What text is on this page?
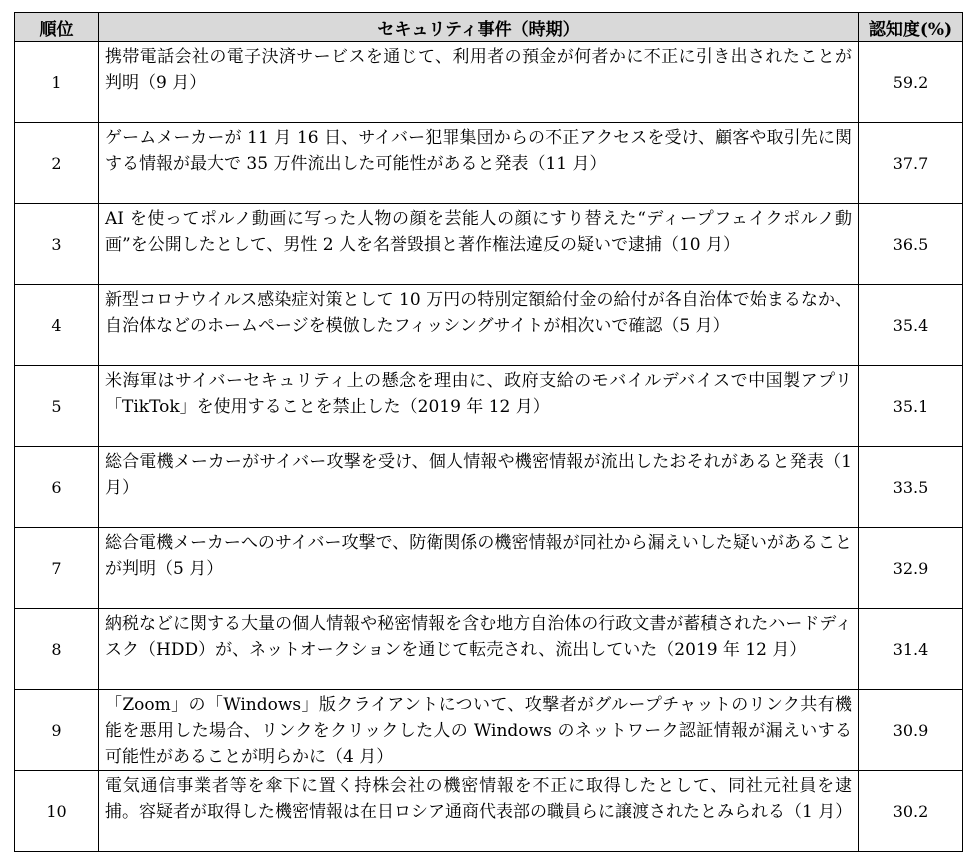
順位	セキュリティ事件（時期）	認知度(%)
1	携帯電話会社の電子決済サービスを通じて、利用者の預金が何者かに不正に引き出されたことが判明（9 月）	59.2
2	ゲームメーカーが 11 月 16 日、サイバー犯罪集団からの不正アクセスを受け、顧客や取引先に関する情報が最大で 35 万件流出した可能性があると発表（11 月）	37.7
3	AI を使ってポルノ動画に写った人物の顔を芸能人の顔にすり替えた“ディープフェイクポルノ動画”を公開したとして、男性 2 人を名誉毀損と著作権法違反の疑いで逮捕（10 月）	36.5
4	新型コロナウイルス感染症対策として 10 万円の特別定額給付金の給付が各自治体で始まるなか、自治体などのホームページを模倣したフィッシングサイトが相次いで確認（5 月）	35.4
5	米海軍はサイバーセキュリティ上の懸念を理由に、政府支給のモバイルデバイスで中国製アプリ「TikTok」を使用することを禁止した（2019 年 12 月）	35.1
6	総合電機メーカーがサイバー攻撃を受け、個人情報や機密情報が流出したおそれがあると発表（1 月）	33.5
7	総合電機メーカーへのサイバー攻撃で、防衛関係の機密情報が同社から漏えいした疑いがあることが判明（5 月）	32.9
8	納税などに関する大量の個人情報や秘密情報を含む地方自治体の行政文書が蓄積されたハードディスク（HDD）が、ネットオークションを通じて転売され、流出していた（2019 年 12 月）	31.4
9	「Zoom」の「Windows」版クライアントについて、攻撃者がグループチャットのリンク共有機能を悪用した場合、リンクをクリックした人の Windows のネットワーク認証情報が漏えいする可能性があることが明らかに（4 月）	30.9
10	電気通信事業者等を傘下に置く持株会社の機密情報を不正に取得したとして、同社元社員を逮捕。容疑者が取得した機密情報は在日ロシア通商代表部の職員らに譲渡されたとみられる（1 月）	30.2
